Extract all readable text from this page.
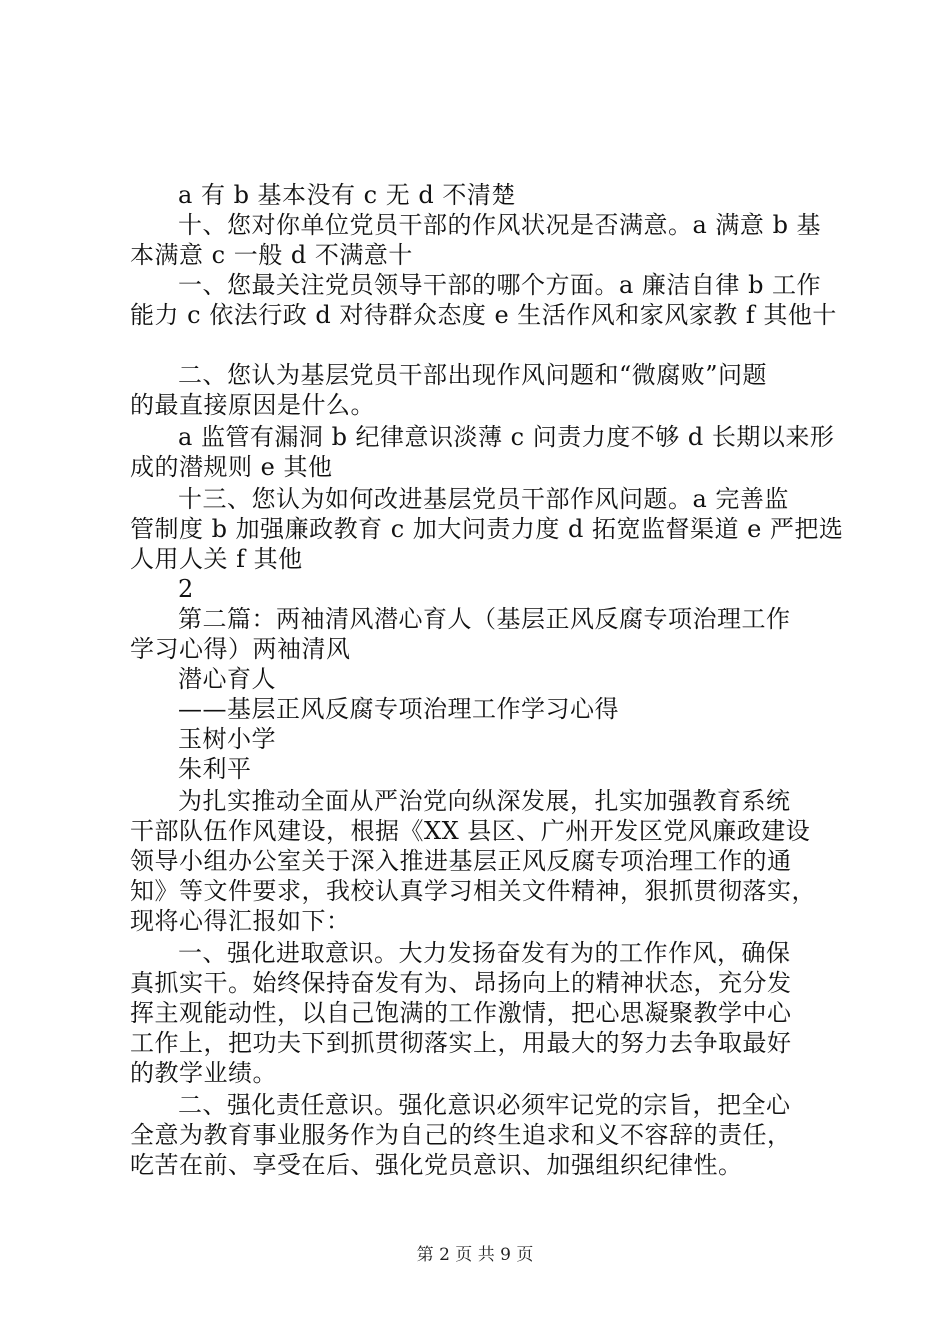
a 有 b 基本没有 c 无 d 不清楚
十、您对你单位党员干部的作风状况是否满意。a 满意 b 基
本满意 c 一般 d 不满意十
一、您最关注党员领导干部的哪个方面。a 廉洁自律 b 工作
能力 c 依法行政 d 对待群众态度 e 生活作风和家风家教 f 其他十
二、您认为基层党员干部出现作风问题和“微腐败”问题
的最直接原因是什么。
a 监管有漏洞 b 纪律意识淡薄 c 问责力度不够 d 长期以来形
成的潜规则 e 其他
十三、您认为如何改进基层党员干部作风问题。a 完善监
管制度 b 加强廉政教育 c 加大问责力度 d 拓宽监督渠道 e 严把选
人用人关 f 其他
2
第二篇：两袖清风潜心育人（基层正风反腐专项治理工作
学习心得）两袖清风
潜心育人
——基层正风反腐专项治理工作学习心得
玉树小学
朱利平
为扎实推动全面从严治党向纵深发展，扎实加强教育系统
干部队伍作风建设，根据《XX 县区、广州开发区党风廉政建设
领导小组办公室关于深入推进基层正风反腐专项治理工作的通
知》等文件要求，我校认真学习相关文件精神，狠抓贯彻落实，
现将心得汇报如下：
一、强化进取意识。大力发扬奋发有为的工作作风，确保
真抓实干。始终保持奋发有为、昂扬向上的精神状态，充分发
挥主观能动性，以自己饱满的工作激情，把心思凝聚教学中心
工作上，把功夫下到抓贯彻落实上，用最大的努力去争取最好
的教学业绩。
二、强化责任意识。强化意识必须牢记党的宗旨，把全心
全意为教育事业服务作为自己的终生追求和义不容辞的责任，
吃苦在前、享受在后、强化党员意识、加强组织纪律性。
第 2 页 共 9 页
